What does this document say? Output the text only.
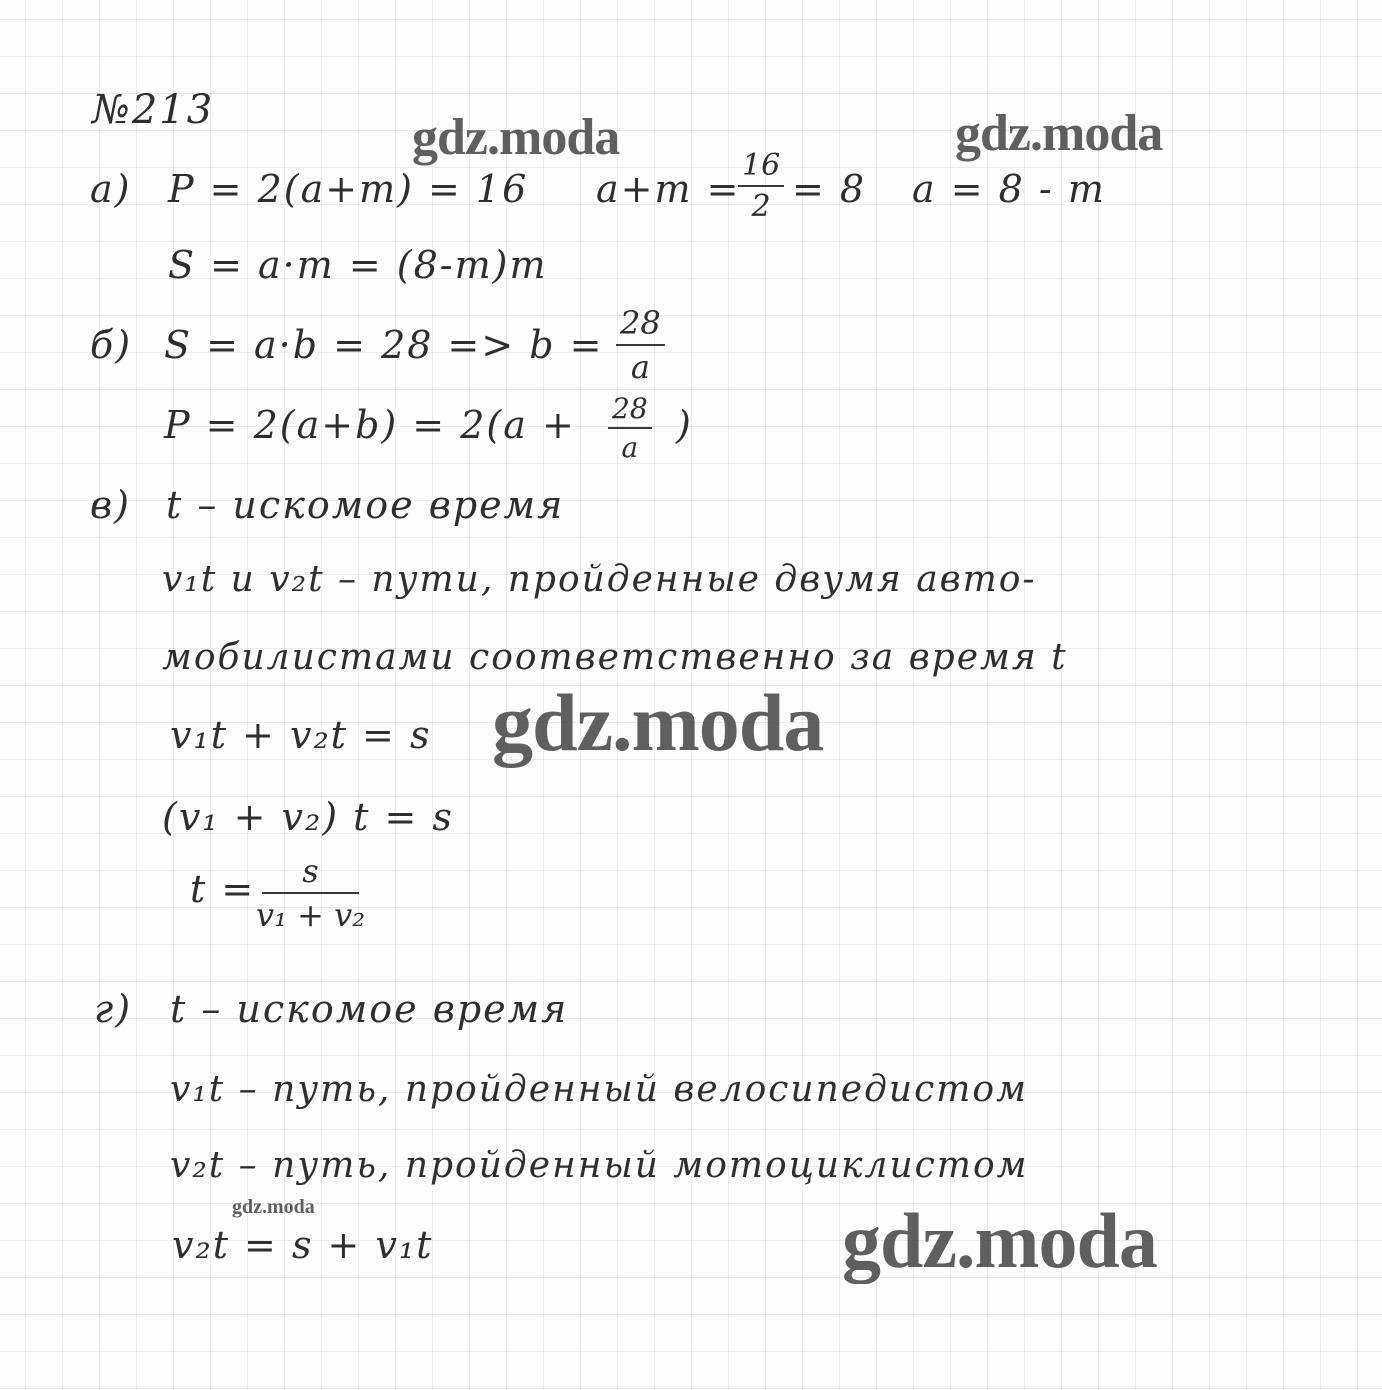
№213	gdz.moda	gdz.moda
gdz.moda
gdz.moda	gdz.moda
а) P = 2(a+m) = 16 a+m =
$\frac{16}{2} = 8$ a = 8 - m
S = a·m = (8-m)m
б) $S = a\cdot b = 28 => b = \frac{28}{a}$
$P = 2(a+b) = 2(a + \frac{28}{a}$ )
в) t – искомое время
v₁t и v₂t – пути, пройденные двумя авто-
мобилистами соответственно за время t
v₁t + v₂t = s
(v₁ + v₂) t = s
$t = \frac{s}{\text{v₁ + v₂}}$
г) t – искомое время
v₁t – путь, пройденный велосипедистом
v₂t – путь, пройденный мотоциклистом
v₂t = s + v₁t
